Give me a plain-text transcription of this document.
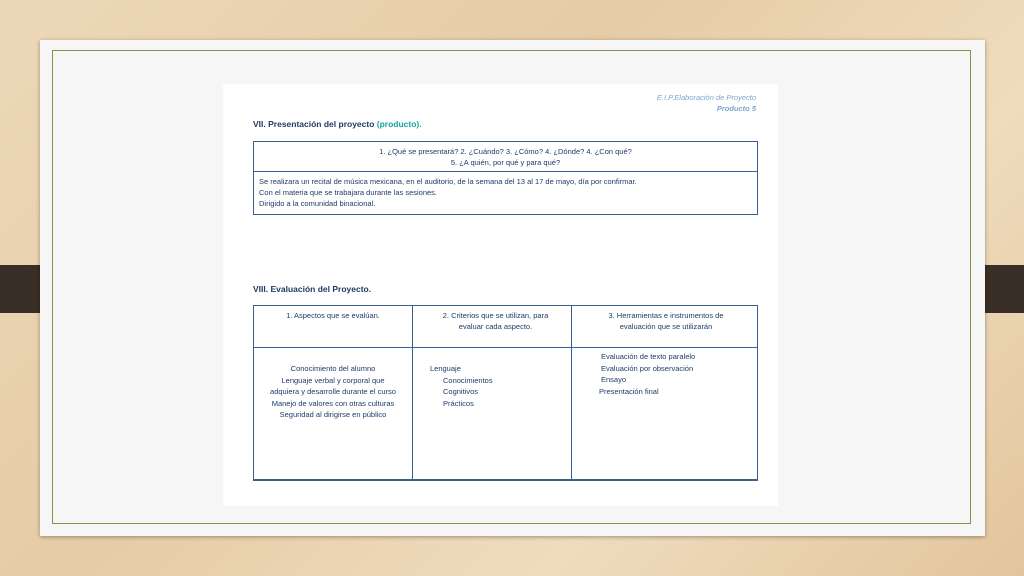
E.I.P.Elaboración de Proyecto
Producto 5
VII. Presentación del proyecto (producto).
1. ¿Qué se presentará? 2. ¿Cuándo? 3. ¿Cómo? 4. ¿Dónde? 4. ¿Con qué?
5. ¿A quién, por qué y para qué?
Se realizara un recital de música mexicana, en el auditorio, de la semana del 13 al 17 de mayo, día por confirmar.
Con el materia que se trabajara durante las sesiones.
Dirigido a la comunidad binacional.
VIII. Evaluación del Proyecto.
1. Aspectos que se evalúan.
Conocimiento del alumno
Lenguaje verbal y corporal que
adquiera y desarrolle durante el curso
Manejo de valores con otras culturas
Seguridad al dirigirse en público
2. Criterios que se utilizan, para
evaluar cada aspecto.
Lenguaje
Conocimientos
Cognitivos
Prácticos
3. Herramientas e instrumentos de
evaluación que se utilizarán
Evaluación de texto paralelo
Evaluación por observación
Ensayo
Presentación final
